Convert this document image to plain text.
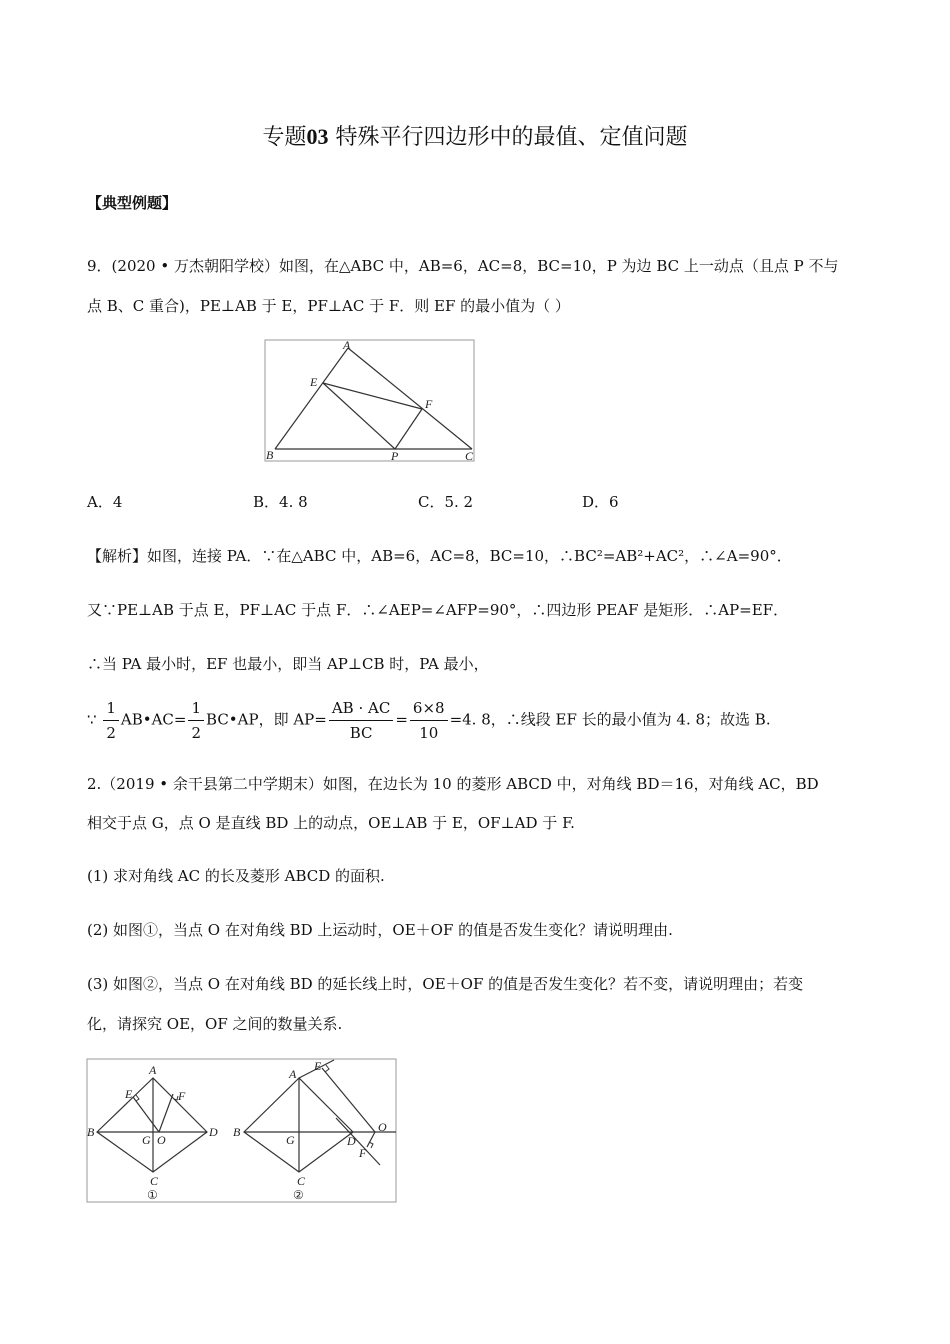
专题03 特殊平行四边形中的最值、定值问题
【典型例题】
9．(2020 • 万杰朝阳学校）如图，在△ABC 中，AB=6，AC=8，BC=10，P 为边 BC 上一动点（且点 P 不与
点 B、C 重合)，PE⊥AB 于 E，PF⊥AC 于 F．则 EF 的最小值为（ ）
A
E
F
B	P	C
A．4	B．4. 8	C．5. 2	D．6
【解析】如图，连接 PA．∵在△ABC 中，AB=6，AC=8，BC=10，∴BC²=AB²+AC²，∴∠A=90°．
又∵PE⊥AB 于点 E，PF⊥AC 于点 F．∴∠AEP=∠AFP=90°，∴四边形 PEAF 是矩形．∴AP=EF．
∴当 PA 最小时，EF 也最小，即当 AP⊥CB 时，PA 最小，
∵ $\frac{1}{2}$ AB•AC= $\frac{1}{2}$ BC•AP，即 $AP= \frac{AB \cdot AC}{BC} = \frac{6\times 8}{10} =4$. 8，∴线段 EF 长的最小值为 4. 8；故选 B.
2.（2019 • 余干县第二中学期末）如图，在边长为 10 的菱形 ABCD 中，对角线 BD＝16，对角线 AC，BD
相交于点 G，点 O 是直线 BD 上的动点，OE⊥AB 于 E，OF⊥AD 于 F.
(1) 求对角线 AC 的长及菱形 ABCD 的面积.
(2) 如图①，当点 O 在对角线 BD 上运动时，OE＋OF 的值是否发生变化？请说明理由.
(3) 如图②，当点 O 在对角线 BD 的延长线上时，OE＋OF 的值是否发生变化？若不变，请说明理由；若变
化，请探究 OE，OF 之间的数量关系.
A
E	F
B
G O
D
C
①
A
E
B
G	D
O
F
C
②
